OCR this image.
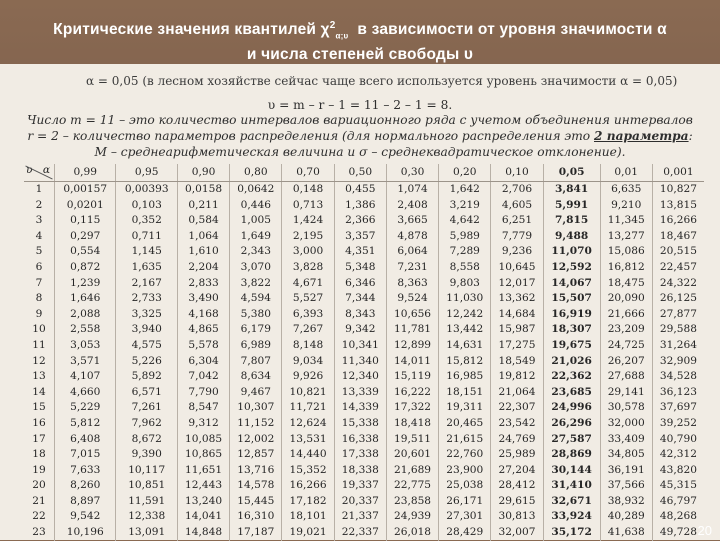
Критические значения квантилей $\chi^2_{\alpha;\upsilon}$ в зависимости от уровня значимости α
и числа степеней свободы υ
α = 0,05 (в лесном хозяйстве сейчас чаще всего используется уровень значимости α = 0,05)
υ = m – r – 1 = 11 – 2 – 1 = 8.
Число m = 11 – это количество интервалов вариационного ряда с учетом объединения интервалов
r = 2 – количество параметров распределения (для нормального распределения это 2 параметра:
M – среднеарифметическая величина и σ – среднеквадратическое отклонение).
υ α	0,99	0,95	0,90	0,80	0,70	0,50	0,30	0,20	0,10	0,05	0,01	0,001
1	0,00157	0,00393	0,0158	0,0642	0,148	0,455	1,074	1,642	2,706	3,841	6,635	10,827
2	0,0201	0,103	0,211	0,446	0,713	1,386	2,408	3,219	4,605	5,991	9,210	13,815
3	0,115	0,352	0,584	1,005	1,424	2,366	3,665	4,642	6,251	7,815	11,345	16,266
4	0,297	0,711	1,064	1,649	2,195	3,357	4,878	5,989	7,779	9,488	13,277	18,467
5	0,554	1,145	1,610	2,343	3,000	4,351	6,064	7,289	9,236	11,070	15,086	20,515
6	0,872	1,635	2,204	3,070	3,828	5,348	7,231	8,558	10,645	12,592	16,812	22,457
7	1,239	2,167	2,833	3,822	4,671	6,346	8,363	9,803	12,017	14,067	18,475	24,322
8	1,646	2,733	3,490	4,594	5,527	7,344	9,524	11,030	13,362	15,507	20,090	26,125
9	2,088	3,325	4,168	5,380	6,393	8,343	10,656	12,242	14,684	16,919	21,666	27,877
10	2,558	3,940	4,865	6,179	7,267	9,342	11,781	13,442	15,987	18,307	23,209	29,588
11	3,053	4,575	5,578	6,989	8,148	10,341	12,899	14,631	17,275	19,675	24,725	31,264
12	3,571	5,226	6,304	7,807	9,034	11,340	14,011	15,812	18,549	21,026	26,207	32,909
13	4,107	5,892	7,042	8,634	9,926	12,340	15,119	16,985	19,812	22,362	27,688	34,528
14	4,660	6,571	7,790	9,467	10,821	13,339	16,222	18,151	21,064	23,685	29,141	36,123
15	5,229	7,261	8,547	10,307	11,721	14,339	17,322	19,311	22,307	24,996	30,578	37,697
16	5,812	7,962	9,312	11,152	12,624	15,338	18,418	20,465	23,542	26,296	32,000	39,252
17	6,408	8,672	10,085	12,002	13,531	16,338	19,511	21,615	24,769	27,587	33,409	40,790
18	7,015	9,390	10,865	12,857	14,440	17,338	20,601	22,760	25,989	28,869	34,805	42,312
19	7,633	10,117	11,651	13,716	15,352	18,338	21,689	23,900	27,204	30,144	36,191	43,820
20	8,260	10,851	12,443	14,578	16,266	19,337	22,775	25,038	28,412	31,410	37,566	45,315
21	8,897	11,591	13,240	15,445	17,182	20,337	23,858	26,171	29,615	32,671	38,932	46,797
22	9,542	12,338	14,041	16,310	18,101	21,337	24,939	27,301	30,813	33,924	40,289	48,268
23	10,196	13,091	14,848	17,187	19,021	22,337	26,018	28,429	32,007	35,172	41,638	49,728 20
